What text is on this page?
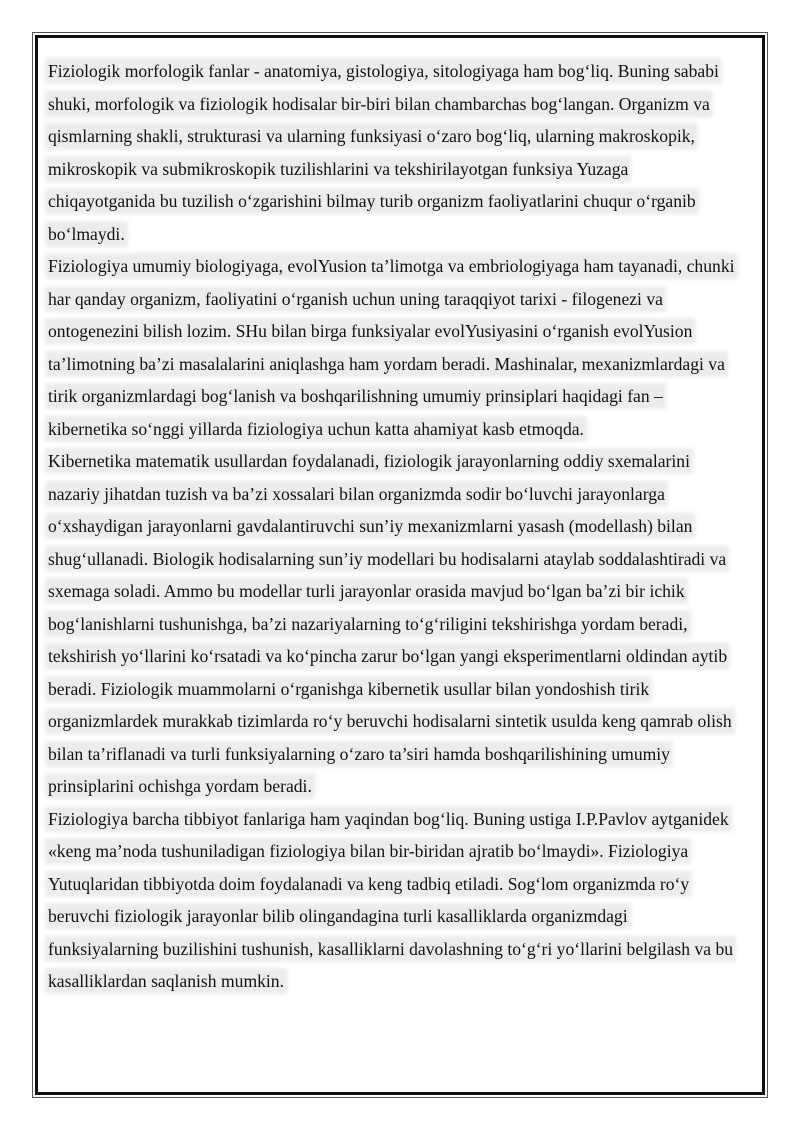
Fiziologik morfologik fanlar - anatomiya, gistologiya, sitologiyaga ham bog‘liq. Buning sababi shuki, morfologik va fiziologik hodisalar bir-biri bilan chambarchas bog‘langan. Organizm va qismlarning shakli, strukturasi va ularning funksiyasi o‘zaro bog‘liq, ularning makroskopik, mikroskopik va submikroskopik tuzilishlarini va tekshirilayotgan funksiya Yuzaga chiqayotganida bu tuzilish o‘zgarishini bilmay turib organizm faoliyatlarini chuqur o‘rganib bo‘lmaydi.

Fiziologiya umumiy biologiyaga, evolYusion ta’limotga va embriologiyaga ham tayanadi, chunki har qanday organizm, faoliyatini o‘rganish uchun uning taraqqiyot tarixi - filogenezi va ontogenezini bilish lozim. SHu bilan birga funksiyalar evolYusiyasini o‘rganish evolYusion ta’limotning ba’zi masalalarini aniqlashga ham yordam beradi. Mashinalar, mexanizmlardagi va tirik organizmlardagi bog‘lanish va boshqarilishning umumiy prinsiplari haqidagi fan – kibernetika so‘nggi yillarda fiziologiya uchun katta ahamiyat kasb etmoqda.

Kibernetika matematik usullardan foydalanadi, fiziologik jarayonlarning oddiy sxemalarini nazariy jihatdan tuzish va ba’zi xossalari bilan organizmda sodir bo‘luvchi jarayonlarga o‘xshaydigan jarayonlarni gavdalantiruvchi sun’iy mexanizmlarni yasash (modellash) bilan shug‘ullanadi. Biologik hodisalarning sun’iy modellari bu hodisalarni ataylab soddalashtiradi va sxemaga soladi. Ammo bu modellar turli jarayonlar orasida mavjud bo‘lgan ba’zi bir ichik bog‘lanishlarni tushunishga, ba’zi nazariyalarning to‘g‘riligini tekshirishga yordam beradi, tekshirish yo‘llarini ko‘rsatadi va ko‘pincha zarur bo‘lgan yangi eksperimentlarni oldindan aytib beradi. Fiziologik muammolarni o‘rganishga kibernetik usullar bilan yondoshish tirik organizmlardek murakkab tizimlarda ro‘y beruvchi hodisalarni sintetik usulda keng qamrab olish bilan ta’riflanadi va turli funksiyalarning o‘zaro ta’siri hamda boshqarilishining umumiy prinsiplarini ochishga yordam beradi.

Fiziologiya barcha tibbiyot fanlariga ham yaqindan bog‘liq. Buning ustiga I.P.Pavlov aytganidek «keng ma’noda tushuniladigan fiziologiya bilan bir-biridan ajratib bo‘lmaydi». Fiziologiya Yutuqlaridan tibbiyotda doim foydalanadi va keng tadbiq etiladi. Sog‘lom organizmda ro‘y beruvchi fiziologik jarayonlar bilib olingandagina turli kasalliklarda organizmdagi funksiyalarning buzilishini tushunish, kasalliklarni davolashning to‘g‘ri yo‘llarini belgilash va bu kasalliklardan saqlanish mumkin.
